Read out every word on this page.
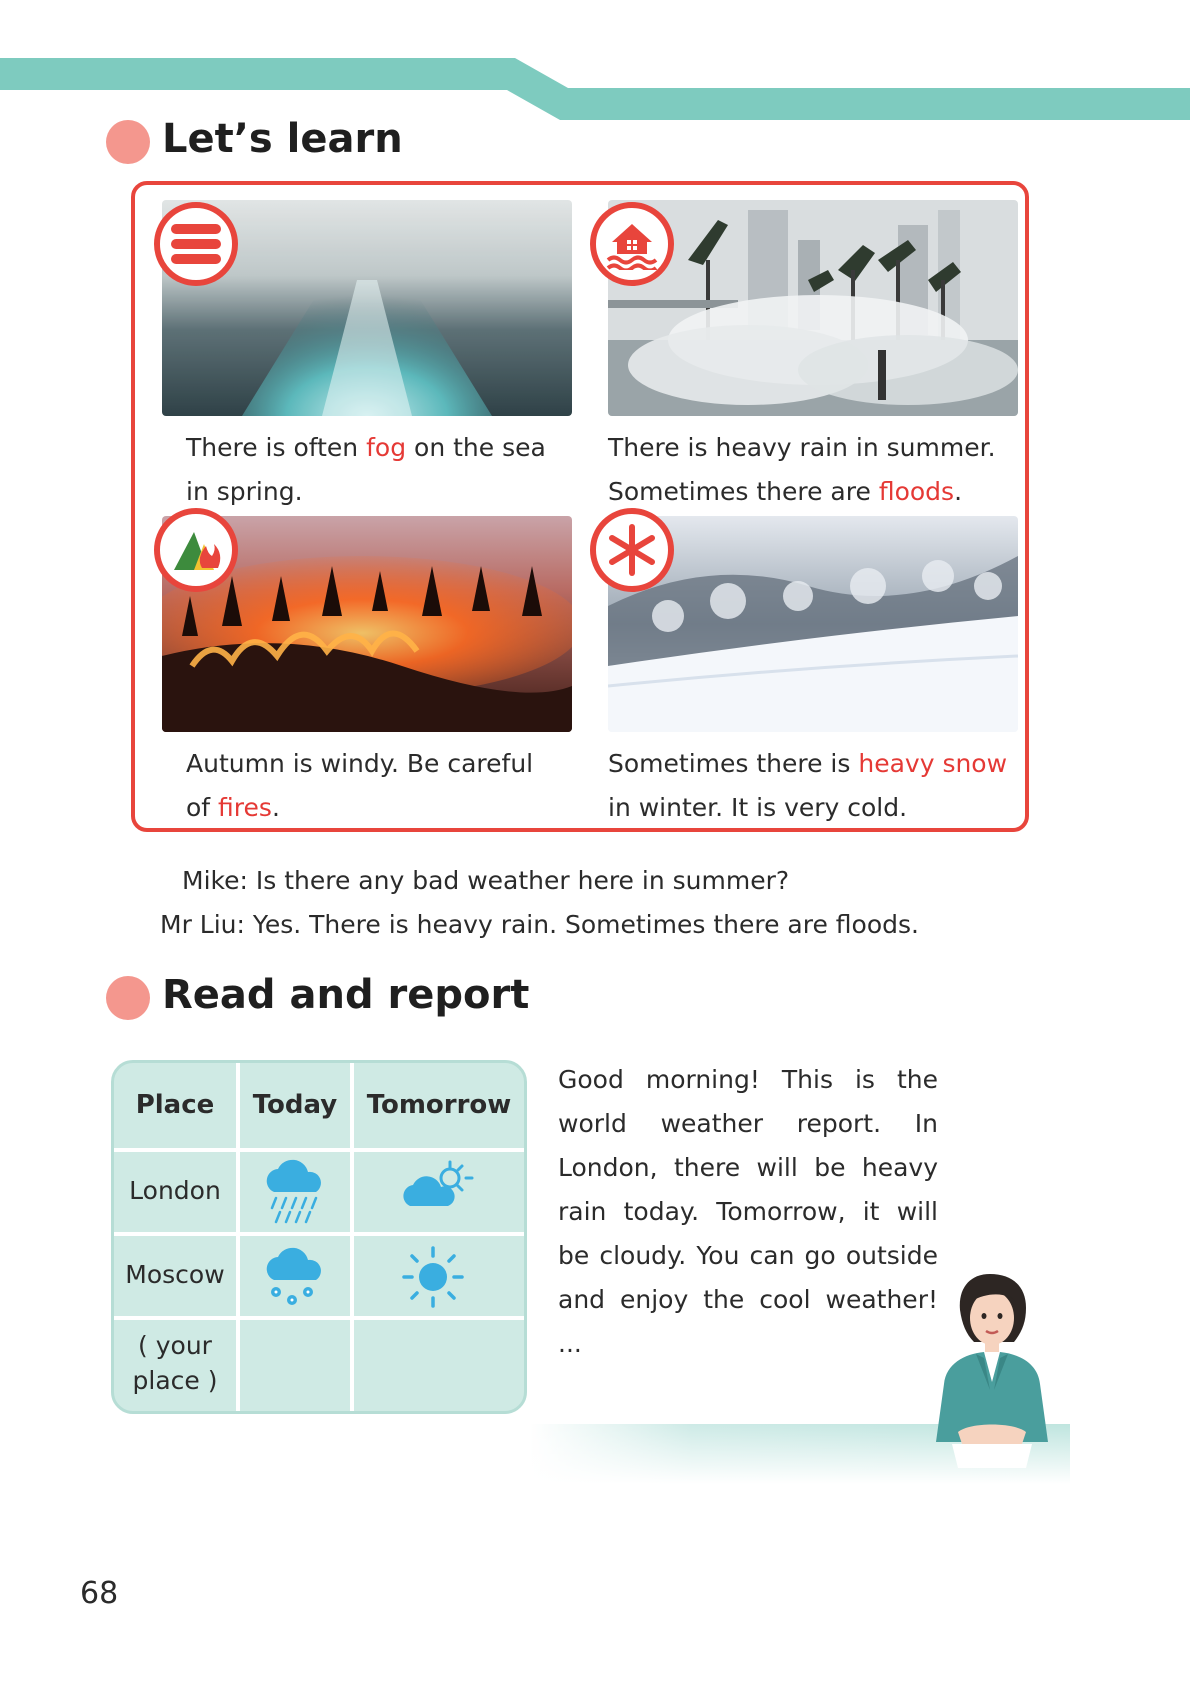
Let’s learn
There is often fog on the sea
in spring.
There is heavy rain in summer.
Sometimes there are floods.
Autumn is windy. Be careful
of fires.
Sometimes there is heavy snow
in winter. It is very cold.
Mike: Is there any bad weather here in summer?
Mr Liu: Yes. There is heavy rain. Sometimes there are floods.
Read and report
Place	Today	Tomorrow
London
Moscow
( your
place )
Good morning! This is the world weather report. In London, there will be heavy rain today. Tomorrow, it will be cloudy. You can go outside and enjoy the cool weather! ...
68
